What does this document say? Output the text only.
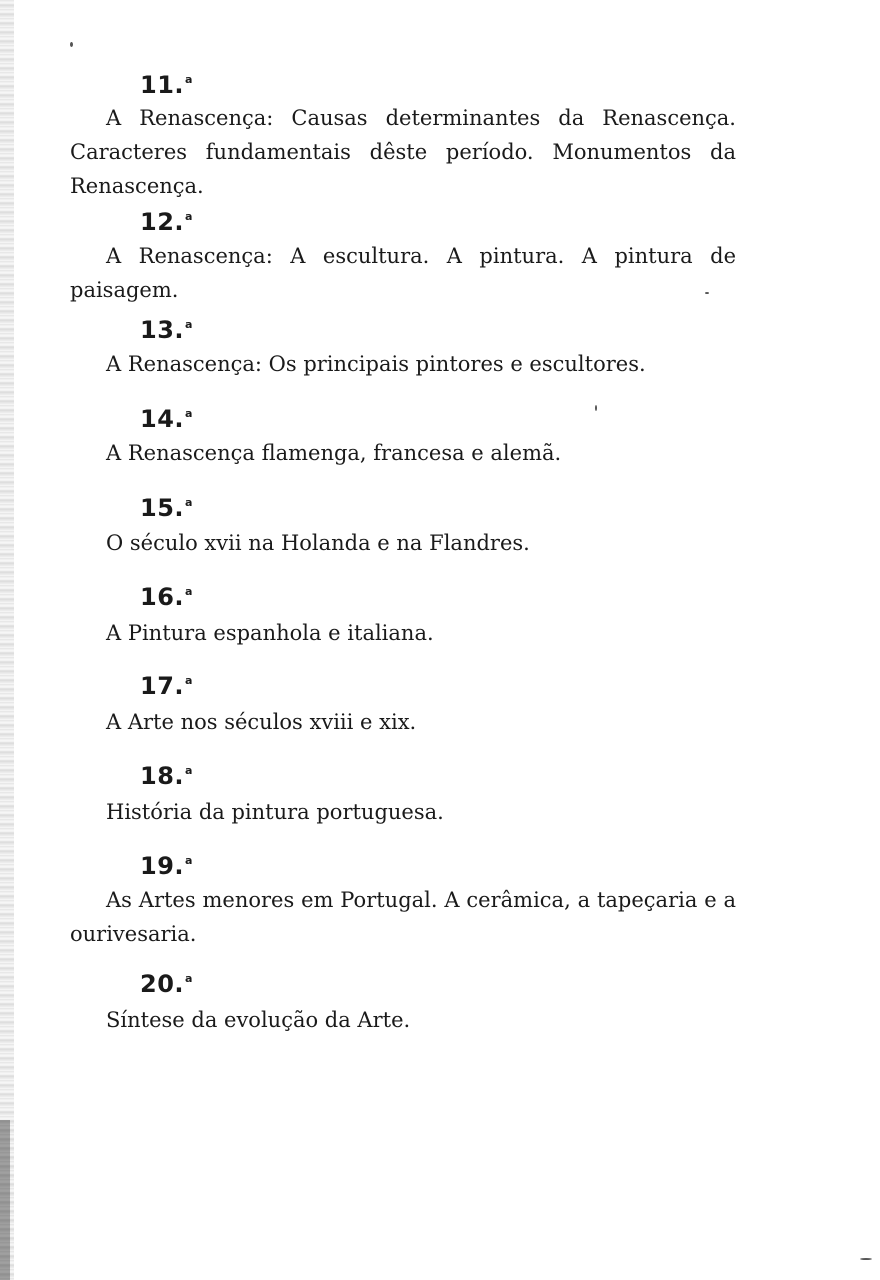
11.$^a$
A Renascença: Causas determinantes da Renascença. Caracteres fundamentais dêste período. Monumentos da Renascença.
12.$^a$
A Renascença: A escultura. A pintura. A pintura de paisagem.
13.$^a$
A Renascença: Os principais pintores e escultores.
14.$^a$
A Renascença flamenga, francesa e alemã.
15.$^a$
O século xvii na Holanda e na Flandres.
16.$^a$
A Pintura espanhola e italiana.
17.$^a$
A Arte nos séculos xviii e xix.
18.$^a$
História da pintura portuguesa.
19.$^a$
As Artes menores em Portugal. A cerâmica, a tapeçaria e a ourivesaria.
20.$^a$
Síntese da evolução da Arte.
